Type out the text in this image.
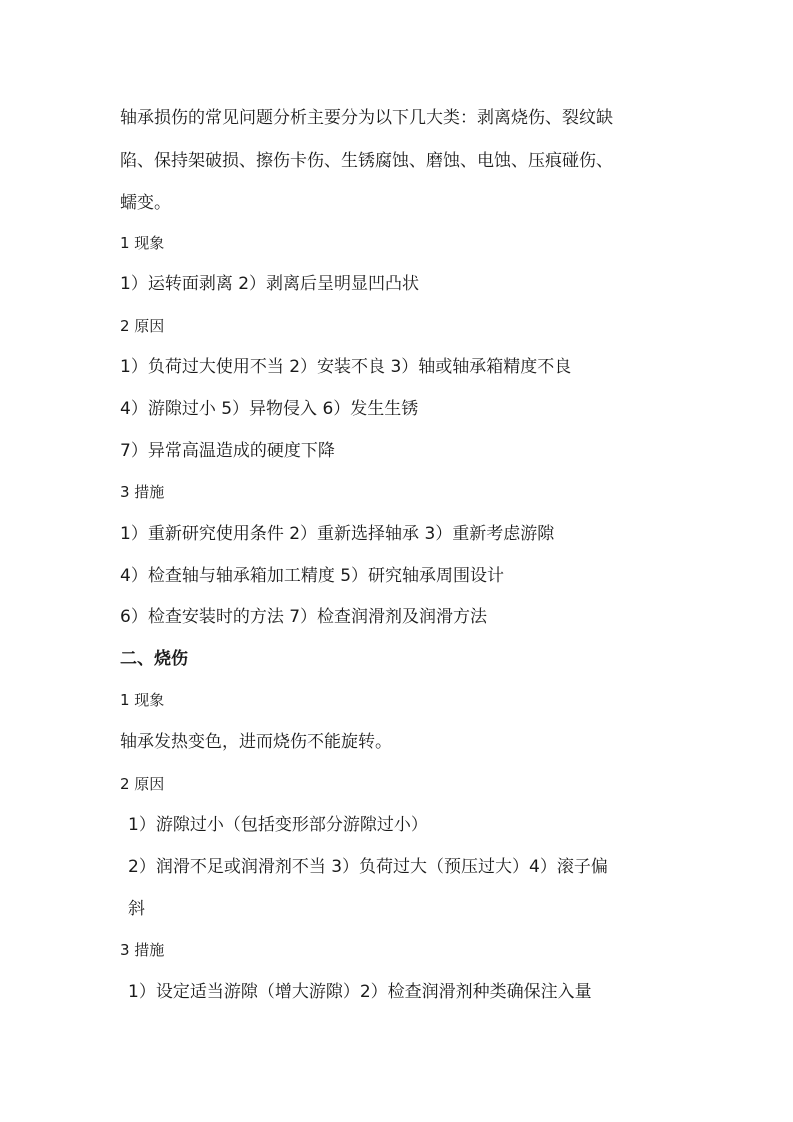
轴承损伤的常见问题分析主要分为以下几大类：剥离烧伤、裂纹缺
陷、保持架破损、擦伤卡伤、生锈腐蚀、磨蚀、电蚀、压痕碰伤、
蠕变。
1 现象
1）运转面剥离 2）剥离后呈明显凹凸状
2 原因
1）负荷过大使用不当 2）安装不良 3）轴或轴承箱精度不良
4）游隙过小 5）异物侵入 6）发生生锈
7）异常高温造成的硬度下降
3 措施
1）重新研究使用条件 2）重新选择轴承 3）重新考虑游隙
4）检查轴与轴承箱加工精度 5）研究轴承周围设计
6）检查安装时的方法 7）检查润滑剂及润滑方法
二、烧伤
1 现象
轴承发热变色，进而烧伤不能旋转。
2 原因
1）游隙过小（包括变形部分游隙过小）
2）润滑不足或润滑剂不当 3）负荷过大（预压过大）4）滚子偏
斜
3 措施
1）设定适当游隙（增大游隙）2）检查润滑剂种类确保注入量
